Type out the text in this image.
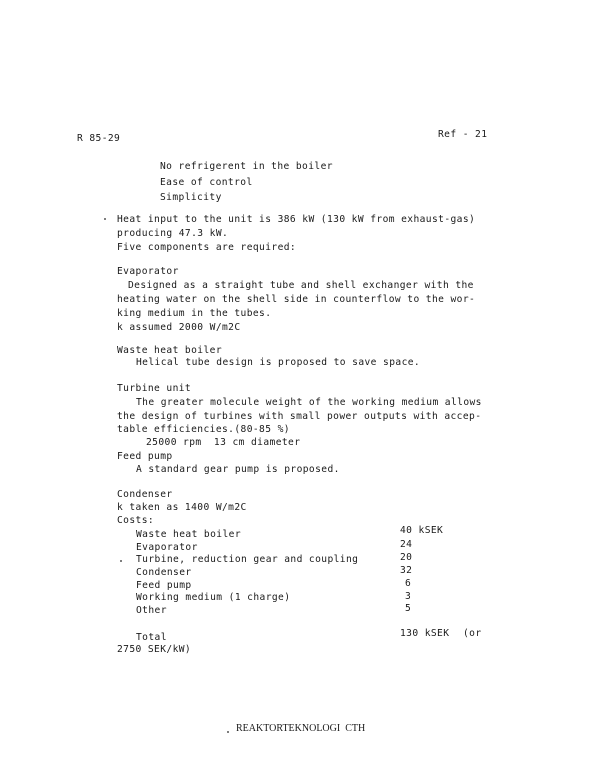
R 85-29	Ref - 21
No refrigerent in the boiler
Ease of control
Simplicity
Heat input to the unit is 386 kW (130 kW from exhaust-gas)
producing 47.3 kW.
Five components are required:
Evaporator
Designed as a straight tube and shell exchanger with the
heating water on the shell side in counterflow to the wor-
king medium in the tubes.
k assumed 2000 W/m2C
Waste heat boiler
Helical tube design is proposed to save space.
Turbine unit
The greater molecule weight of the working medium allows
the design of turbines with small power outputs with accep-
table efficiencies.(80-85 %)
25000 rpm  13 cm diameter
Feed pump
A standard gear pump is proposed.
Condenser
k taken as 1400 W/m2C
Costs:
Waste heat boiler	40 kSEK
Evaporator	24
Turbine, reduction gear and coupling	20
Condenser	32
Feed pump	6
Working medium (1 charge)	3
Other	5
Total	130 kSEK (or
2750 SEK/kW)
REAKTORTEKNOLOGI  CTH
